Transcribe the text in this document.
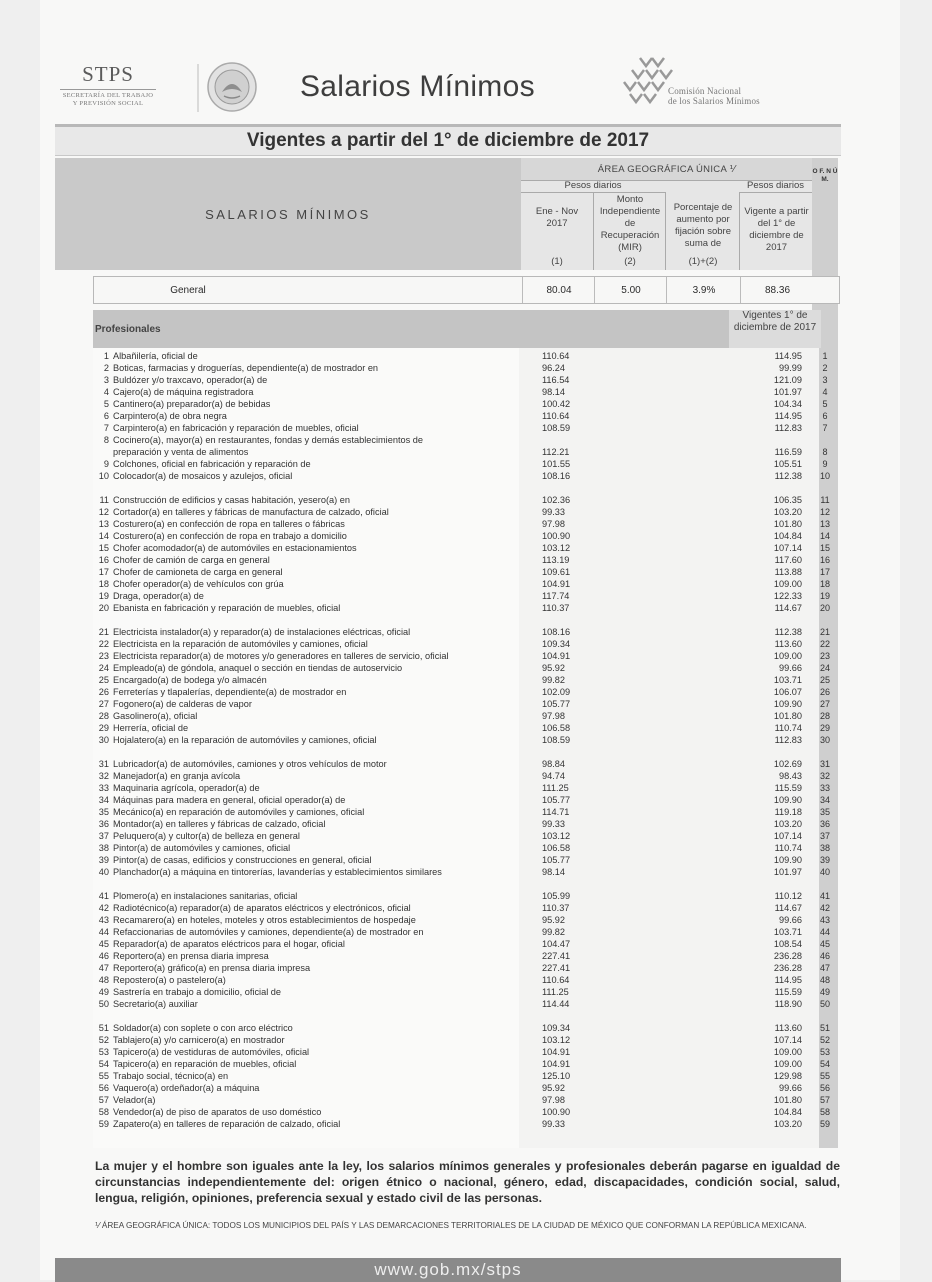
STPS
SECRETARÍA DEL TRABAJO
Y PREVISIÓN SOCIAL
Salarios Mínimos	Comisión Nacional
de los Salarios Mínimos
Vigentes a partir del 1° de diciembre de 2017
SALARIOS MÍNIMOS
ÁREA GEOGRÁFICA ÚNICA ⅟
Pesos diarios	Pesos diarios
Ene - Nov 2017
(1)
Monto Independiente de Recuperación (MIR)
(2)
Porcentaje de aumento por fijación sobre suma de
(1)+(2)
Vigente a partir del 1° de diciembre de 2017
O F. N Ú M.
General	80.04	5.00	3.9%	88.36
Profesionales
Vigentes 1° de diciembre de 2017
1 Albañilería, oficial de	110.64	114.95	1
2 Boticas, farmacias y droguerías, dependiente(a) de mostrador en	96.24	99.99	2
3 Buldózer y/o traxcavo, operador(a) de	116.54	121.09	3
4 Cajero(a) de máquina registradora	98.14	101.97	4
5 Cantinero(a) preparador(a) de bebidas	100.42	104.34	5
6 Carpintero(a) de obra negra	110.64	114.95	6
7 Carpintero(a) en fabricación y reparación de muebles, oficial	108.59	112.83	7
8 Cocinero(a), mayor(a) en restaurantes, fondas y demás establecimientos de
preparación y venta de alimentos	112.21	116.59	8
9 Colchones, oficial en fabricación y reparación de	101.55	105.51	9
10 Colocador(a) de mosaicos y azulejos, oficial	108.16	112.38	10
11 Construcción de edificios y casas habitación, yesero(a) en	102.36	106.35	11
12 Cortador(a) en talleres y fábricas de manufactura de calzado, oficial	99.33	103.20	12
13 Costurero(a) en confección de ropa en talleres o fábricas	97.98	101.80	13
14 Costurero(a) en confección de ropa en trabajo a domicilio	100.90	104.84	14
15 Chofer acomodador(a) de automóviles en estacionamientos	103.12	107.14	15
16 Chofer de camión de carga en general	113.19	117.60	16
17 Chofer de camioneta de carga en general	109.61	113.88	17
18 Chofer operador(a) de vehículos con grúa	104.91	109.00	18
19 Draga, operador(a) de	117.74	122.33	19
20 Ebanista en fabricación y reparación de muebles, oficial	110.37	114.67	20
21 Electricista instalador(a) y reparador(a) de instalaciones eléctricas, oficial	108.16	112.38	21
22 Electricista en la reparación de automóviles y camiones, oficial	109.34	113.60	22
23 Electricista reparador(a) de motores y/o generadores en talleres de servicio, oficial	104.91	109.00	23
24 Empleado(a) de góndola, anaquel o sección en tiendas de autoservicio	95.92	99.66	24
25 Encargado(a) de bodega y/o almacén	99.82	103.71	25
26 Ferreterías y tlapalerías, dependiente(a) de mostrador en	102.09	106.07	26
27 Fogonero(a) de calderas de vapor	105.77	109.90	27
28 Gasolinero(a), oficial	97.98	101.80	28
29 Herrería, oficial de	106.58	110.74	29
30 Hojalatero(a) en la reparación de automóviles y camiones, oficial	108.59	112.83	30
31 Lubricador(a) de automóviles, camiones y otros vehículos de motor	98.84	102.69	31
32 Manejador(a) en granja avícola	94.74	98.43	32
33 Maquinaria agrícola, operador(a) de	111.25	115.59	33
34 Máquinas para madera en general, oficial operador(a) de	105.77	109.90	34
35 Mecánico(a) en reparación de automóviles y camiones, oficial	114.71	119.18	35
36 Montador(a) en talleres y fábricas de calzado, oficial	99.33	103.20	36
37 Peluquero(a) y cultor(a) de belleza en general	103.12	107.14	37
38 Pintor(a) de automóviles y camiones, oficial	106.58	110.74	38
39 Pintor(a) de casas, edificios y construcciones en general, oficial	105.77	109.90	39
40 Planchador(a) a máquina en tintorerías, lavanderías y establecimientos similares	98.14	101.97	40
41 Plomero(a) en instalaciones sanitarias, oficial	105.99	110.12	41
42 Radiotécnico(a) reparador(a) de aparatos eléctricos y electrónicos, oficial	110.37	114.67	42
43 Recamarero(a) en hoteles, moteles y otros establecimientos de hospedaje	95.92	99.66	43
44 Refaccionarias de automóviles y camiones, dependiente(a) de mostrador en	99.82	103.71	44
45 Reparador(a) de aparatos eléctricos para el hogar, oficial	104.47	108.54	45
46 Reportero(a) en prensa diaria impresa	227.41	236.28	46
47 Reportero(a) gráfico(a) en prensa diaria impresa	227.41	236.28	47
48 Repostero(a) o pastelero(a)	110.64	114.95	48
49 Sastrería en trabajo a domicilio, oficial de	111.25	115.59	49
50 Secretario(a) auxiliar	114.44	118.90	50
51 Soldador(a) con soplete o con arco eléctrico	109.34	113.60	51
52 Tablajero(a) y/o carnicero(a) en mostrador	103.12	107.14	52
53 Tapicero(a) de vestiduras de automóviles, oficial	104.91	109.00	53
54 Tapicero(a) en reparación de muebles, oficial	104.91	109.00	54
55 Trabajo social, técnico(a) en	125.10	129.98	55
56 Vaquero(a) ordeñador(a) a máquina	95.92	99.66	56
57 Velador(a)	97.98	101.80	57
58 Vendedor(a) de piso de aparatos de uso doméstico	100.90	104.84	58
59 Zapatero(a) en talleres de reparación de calzado, oficial	99.33	103.20	59
La mujer y el hombre son iguales ante la ley, los salarios mínimos generales y profesionales deberán pagarse en igualdad de circunstancias independientemente del: origen étnico o nacional, género, edad, discapacidades, condición social, salud, lengua, religión, opiniones, preferencia sexual y estado civil de las personas.
⅟ ÁREA GEOGRÁFICA ÚNICA: TODOS LOS MUNICIPIOS DEL PAÍS Y LAS DEMARCACIONES TERRITORIALES DE LA CIUDAD DE MÉXICO QUE CONFORMAN LA REPÚBLICA MEXICANA.
www.gob.mx/stps
